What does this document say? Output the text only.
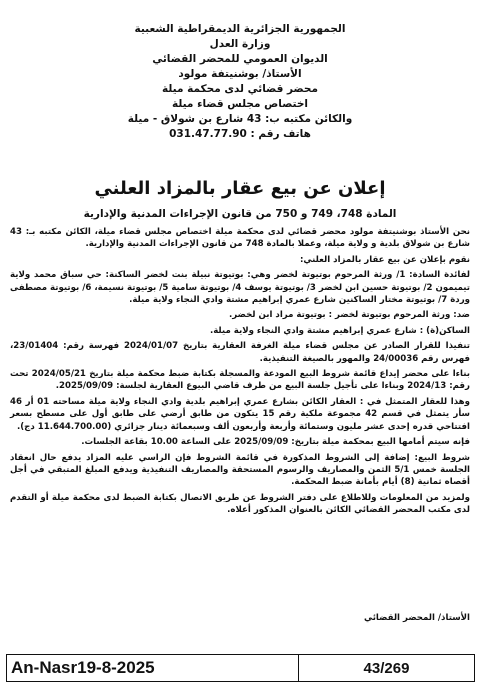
الجمهورية الجزائرية الديمقراطية الشعبية
وزارة العدل
الديوان العمومي للمحضر القضائي
الأستاذ/ بوشنيتفة مولود
محضر قضائي لدى محكمة ميلة
اختصاص مجلس قضاء ميلة
والكائن مكتبه ب: 43 شارع بن شولاق - ميلة
هاتف رقم : 031.47.77.90
إعلان عن بيع عقار بالمزاد العلني
المادة 748، 749 و 750 من قانون الإجراءات المدنية والإدارية

نحن الأستاذ بوشنيتفة مولود محضر قضائي لدى محكمة ميلة اختصاص مجلس قضاء ميلة، الكائن مكتبه بـ: 43 شارع بن شولاق بلدية و ولاية ميلة، وعملا بالمادة 748 من قانون الإجراءات المدنية والإدارية.

نقوم بإعلان عن بيع عقار بالمزاد العلني:

لفائدة السادة: 1/ ورثة المرحوم بوتيوتة لخضر وهي: بوتيوتة نبيلة بنت لخضر الساكنة: حي سباق محمد ولاية تيميمون 2/ بوتيوتة حسين ابن لخضر 3/ بوتيوتة يوسف 4/ بوتيوتة سامية 5/ بوتيوتة نسيمة، 6/ بوتيوتة مصطفى وردة 7/ بوتيوتة مختار الساكنين شارع عمري إبراهيم مشتة وادي النجاء ولاية ميلة.

ضد: ورثة المرحوم بوتيوتة لخضر : بوتيوتة مراد ابن لخضر.

الساكن(ة) : شارع عمري إبراهيم مشتة وادي النجاء ولاية ميلة.

تنفيذا للقرار الصادر عن مجلس قضاء ميلة الغرفة العقارية بتاريخ 2024/01/07 فهرسة رقم: 23/01404، فهرس رقم 24/00036 والمهور بالصيغة التنفيذية.

بناءا على محضر إيداع قائمة شروط البيع المودعة والمسجلة بكتابة ضبط محكمة ميلة بتاريخ 2024/05/21 تحت رقم: 2024/13 وبناءا على تأجيل جلسة البيع من طرف قاضي البيوع العقارية لجلسة: 2025/09/09.

وهذا للعقار المتمثل في : العقار الكائن بشارع عمري إبراهيم بلدية وادي النجاء ولاية ميلة مساحته 01 أر 46 سأر يتمثل في قسم 42 مجموعة ملكية رقم 15 يتكون من طابق أرضي على طابق أول على مسطح بسعر افتتاحي قدره إحدى عشر مليون وستمائة وأربعة وأربعون ألف وسبعمائة دينار جزائري (11.644.700.00 دج).

فإنه سيتم أمامها البيع بمحكمة ميلة بتاريخ: 2025/09/09 على الساعة 10.00 بقاعة الجلسات.

شروط البيع: إضافة إلى الشروط المذكورة في قائمة الشروط فإن الراسي عليه المزاد يدفع حال انعقاد الجلسة خمس 5/1 الثمن والمصاريف والرسوم المستحقة والمصاريف التنفيذية ويدفع المبلغ المتبقي في أجل أقصاه ثمانية (8) أيام بأمانة ضبط المحكمة.

ولمزيد من المعلومات وللاطلاع على دفتر الشروط عن طريق الاتصال بكتابة الضبط لدى محكمة ميلة أو التقدم لدى مكتب المحضر القضائي الكائن بالعنوان المذكور أعلاه.

الأستاذ/ المحضر القضائي
An-Nasr19-8-2025	43/269
